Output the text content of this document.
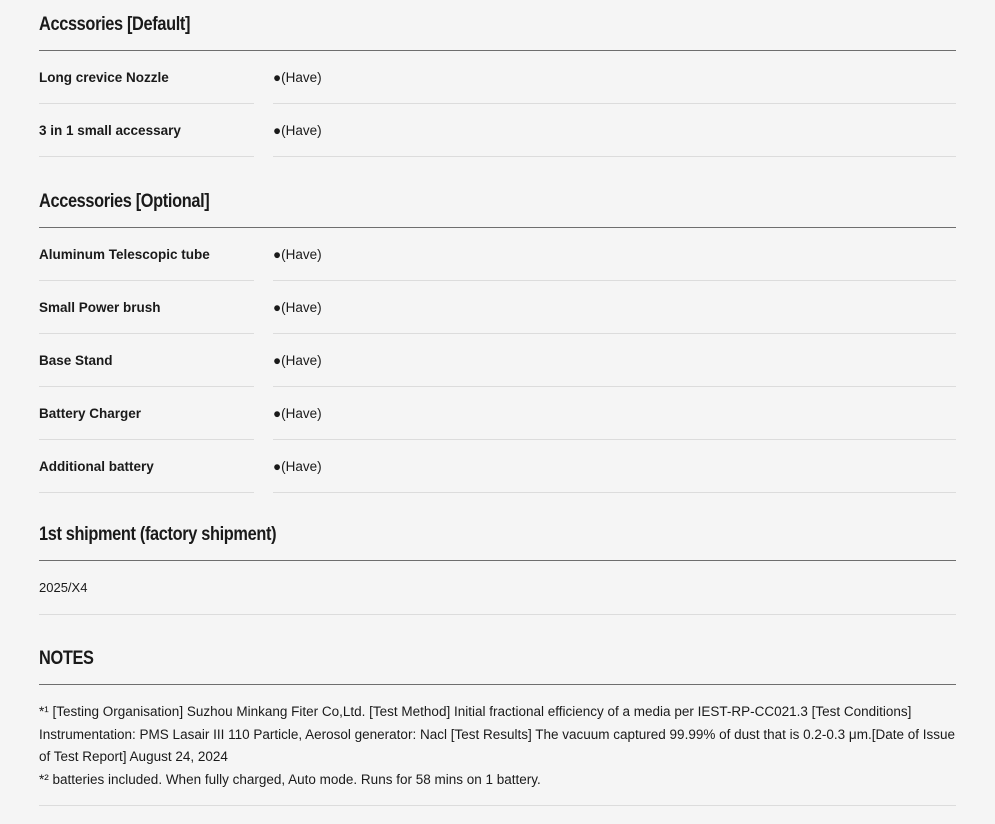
Accssories [Default]
Long crevice Nozzle	●(Have)
3 in 1 small accessary	●(Have)
Accessories [Optional]
Aluminum Telescopic tube	●(Have)
Small Power brush	●(Have)
Base Stand	●(Have)
Battery Charger	●(Have)
Additional battery	●(Have)
1st shipment (factory shipment)
2025/X4
NOTES

*¹ [Testing Organisation] Suzhou Minkang Fiter Co,Ltd. [Test Method] Initial fractional efficiency of a media per IEST-RP-CC021.3 [Test Conditions] Instrumentation: PMS Lasair III 110 Particle, Aerosol generator: Nacl [Test Results] The vacuum captured 99.99% of dust that is 0.2-0.3 μm.[Date of Issue of Test Report] August 24, 2024

*² batteries included. When fully charged, Auto mode. Runs for 58 mins on 1 battery.
